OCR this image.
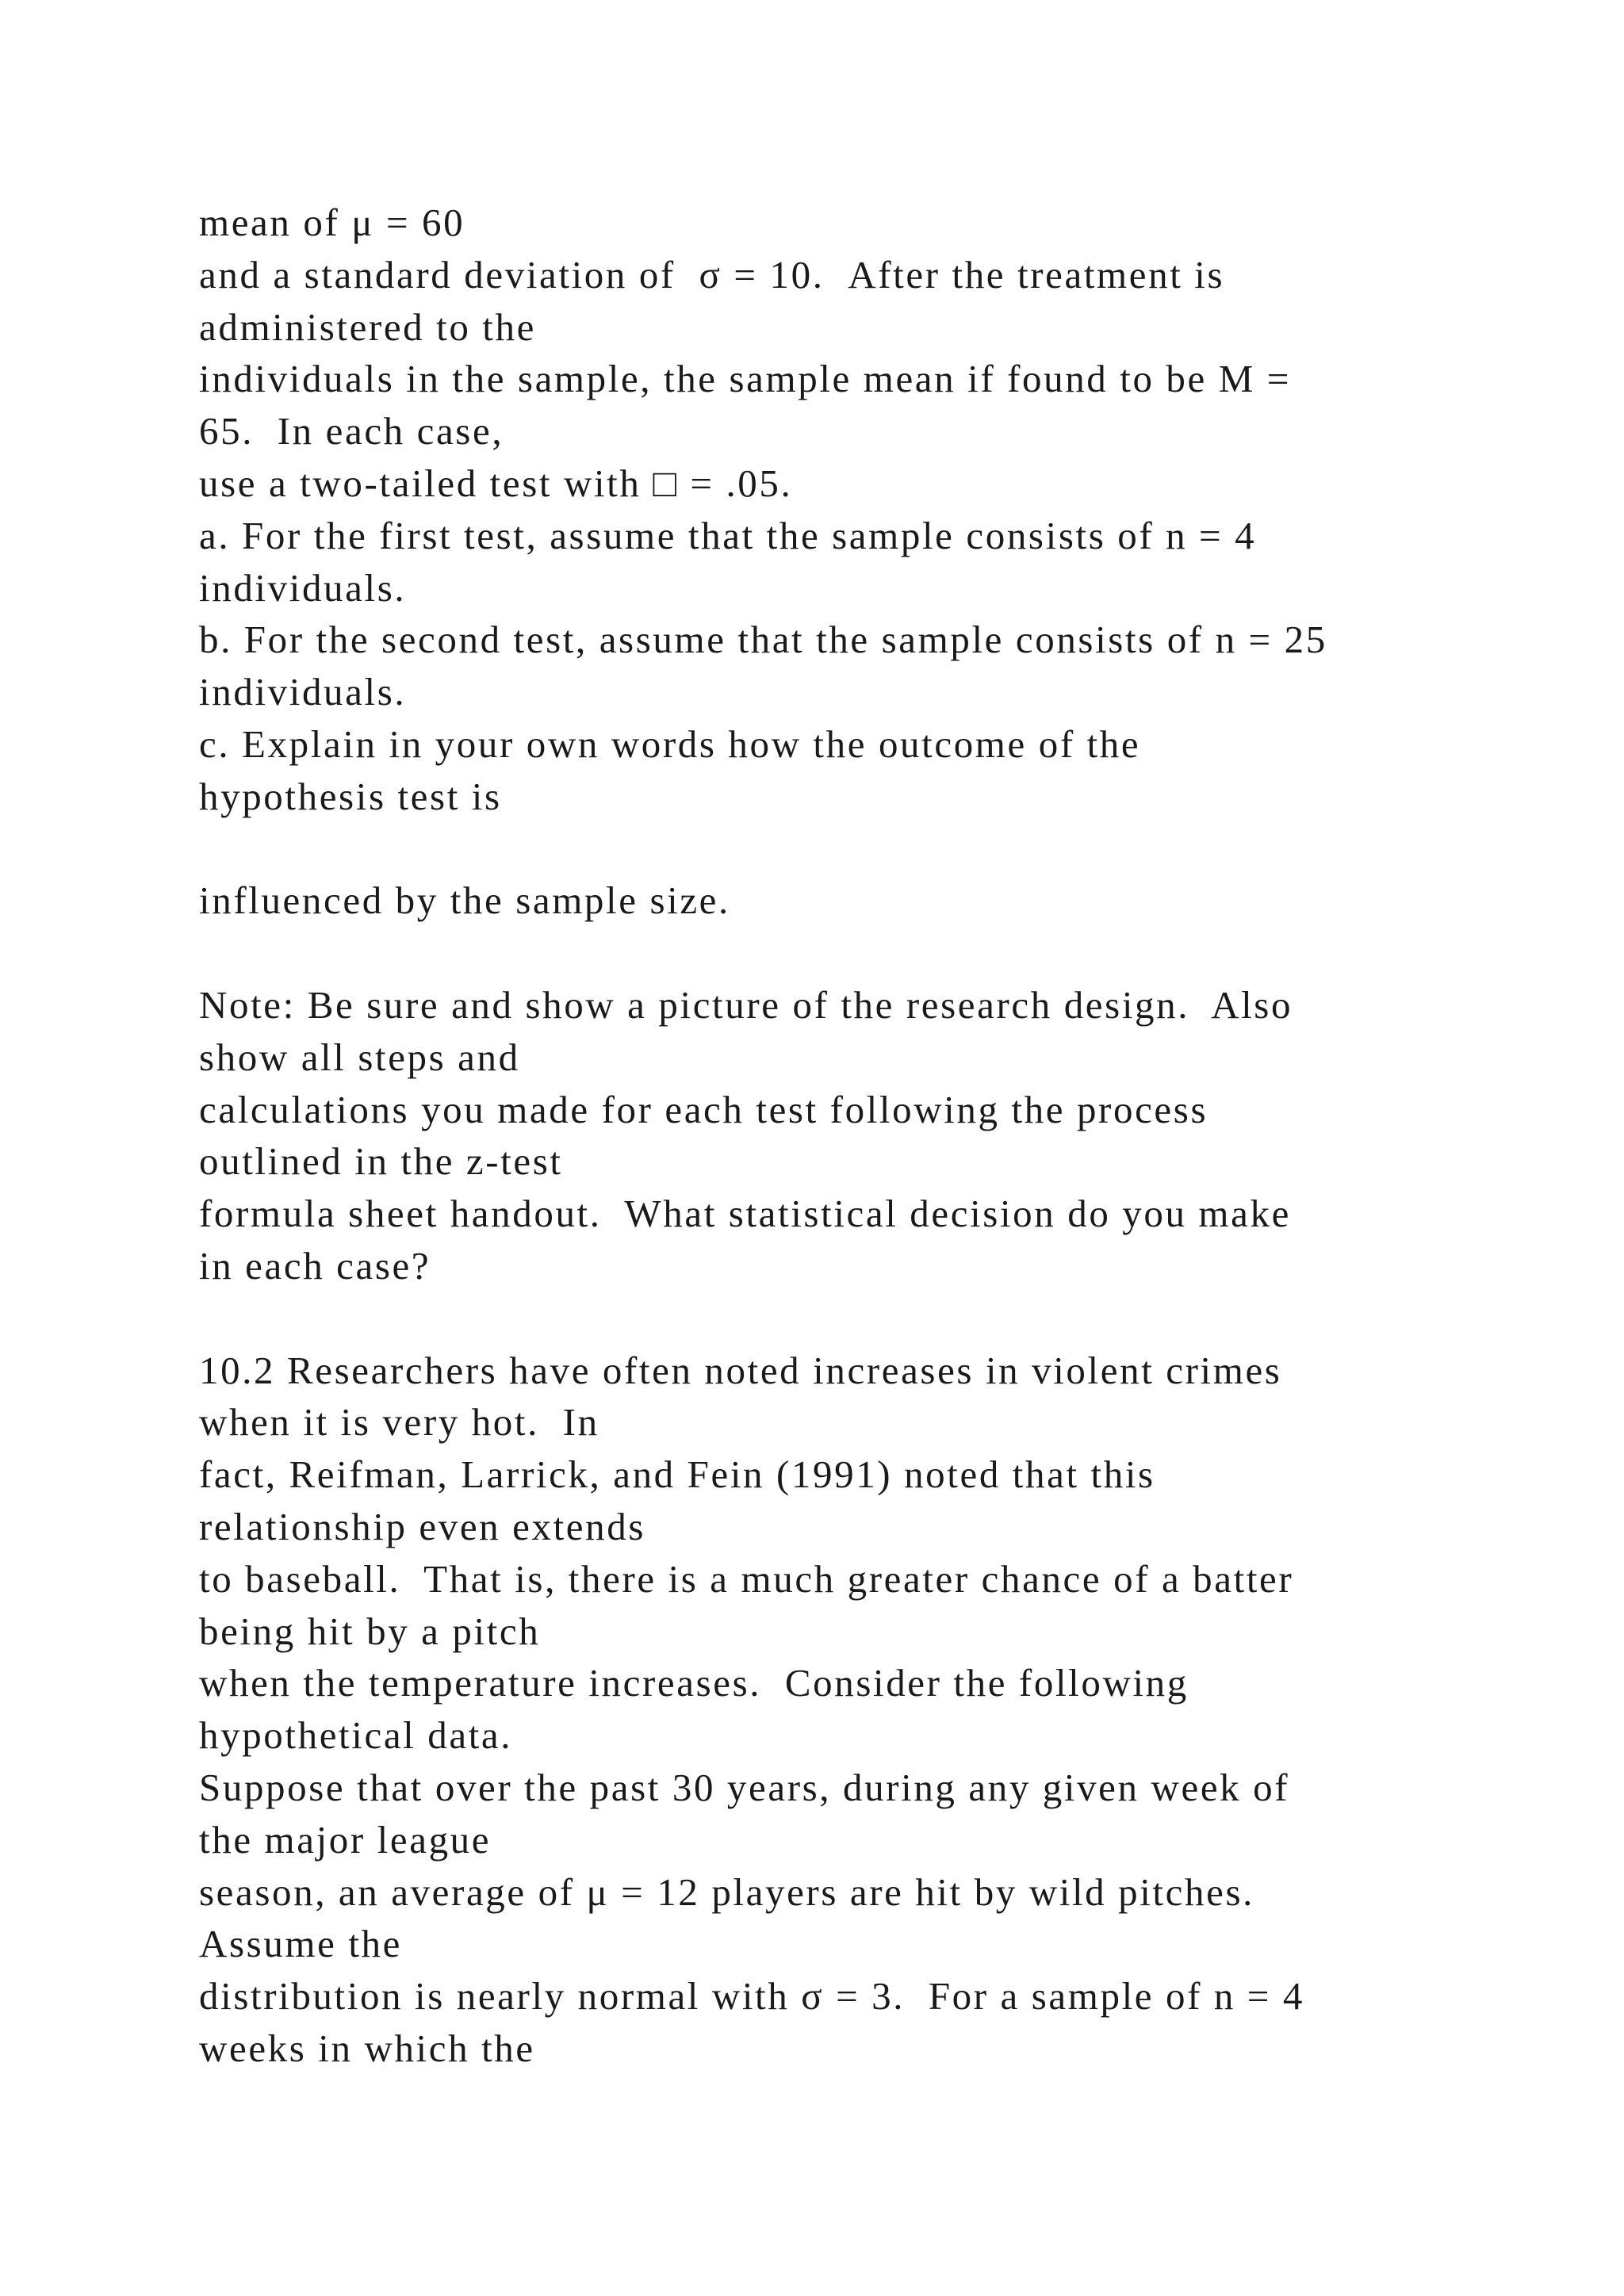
mean of μ = 60
and a standard deviation of  σ = 10.  After the treatment is
administered to the
individuals in the sample, the sample mean if found to be M =
65.  In each case,
use a two-tailed test with □ = .05.
a. For the first test, assume that the sample consists of n = 4
individuals.
b. For the second test, assume that the sample consists of n = 25
individuals.
c. Explain in your own words how the outcome of the
hypothesis test is
influenced by the sample size.
Note: Be sure and show a picture of the research design.  Also
show all steps and
calculations you made for each test following the process
outlined in the z-test
formula sheet handout.  What statistical decision do you make
in each case?
10.2 Researchers have often noted increases in violent crimes
when it is very hot.  In
fact, Reifman, Larrick, and Fein (1991) noted that this
relationship even extends
to baseball.  That is, there is a much greater chance of a batter
being hit by a pitch
when the temperature increases.  Consider the following
hypothetical data.
Suppose that over the past 30 years, during any given week of
the major league
season, an average of μ = 12 players are hit by wild pitches.
Assume the
distribution is nearly normal with σ = 3.  For a sample of n = 4
weeks in which the
